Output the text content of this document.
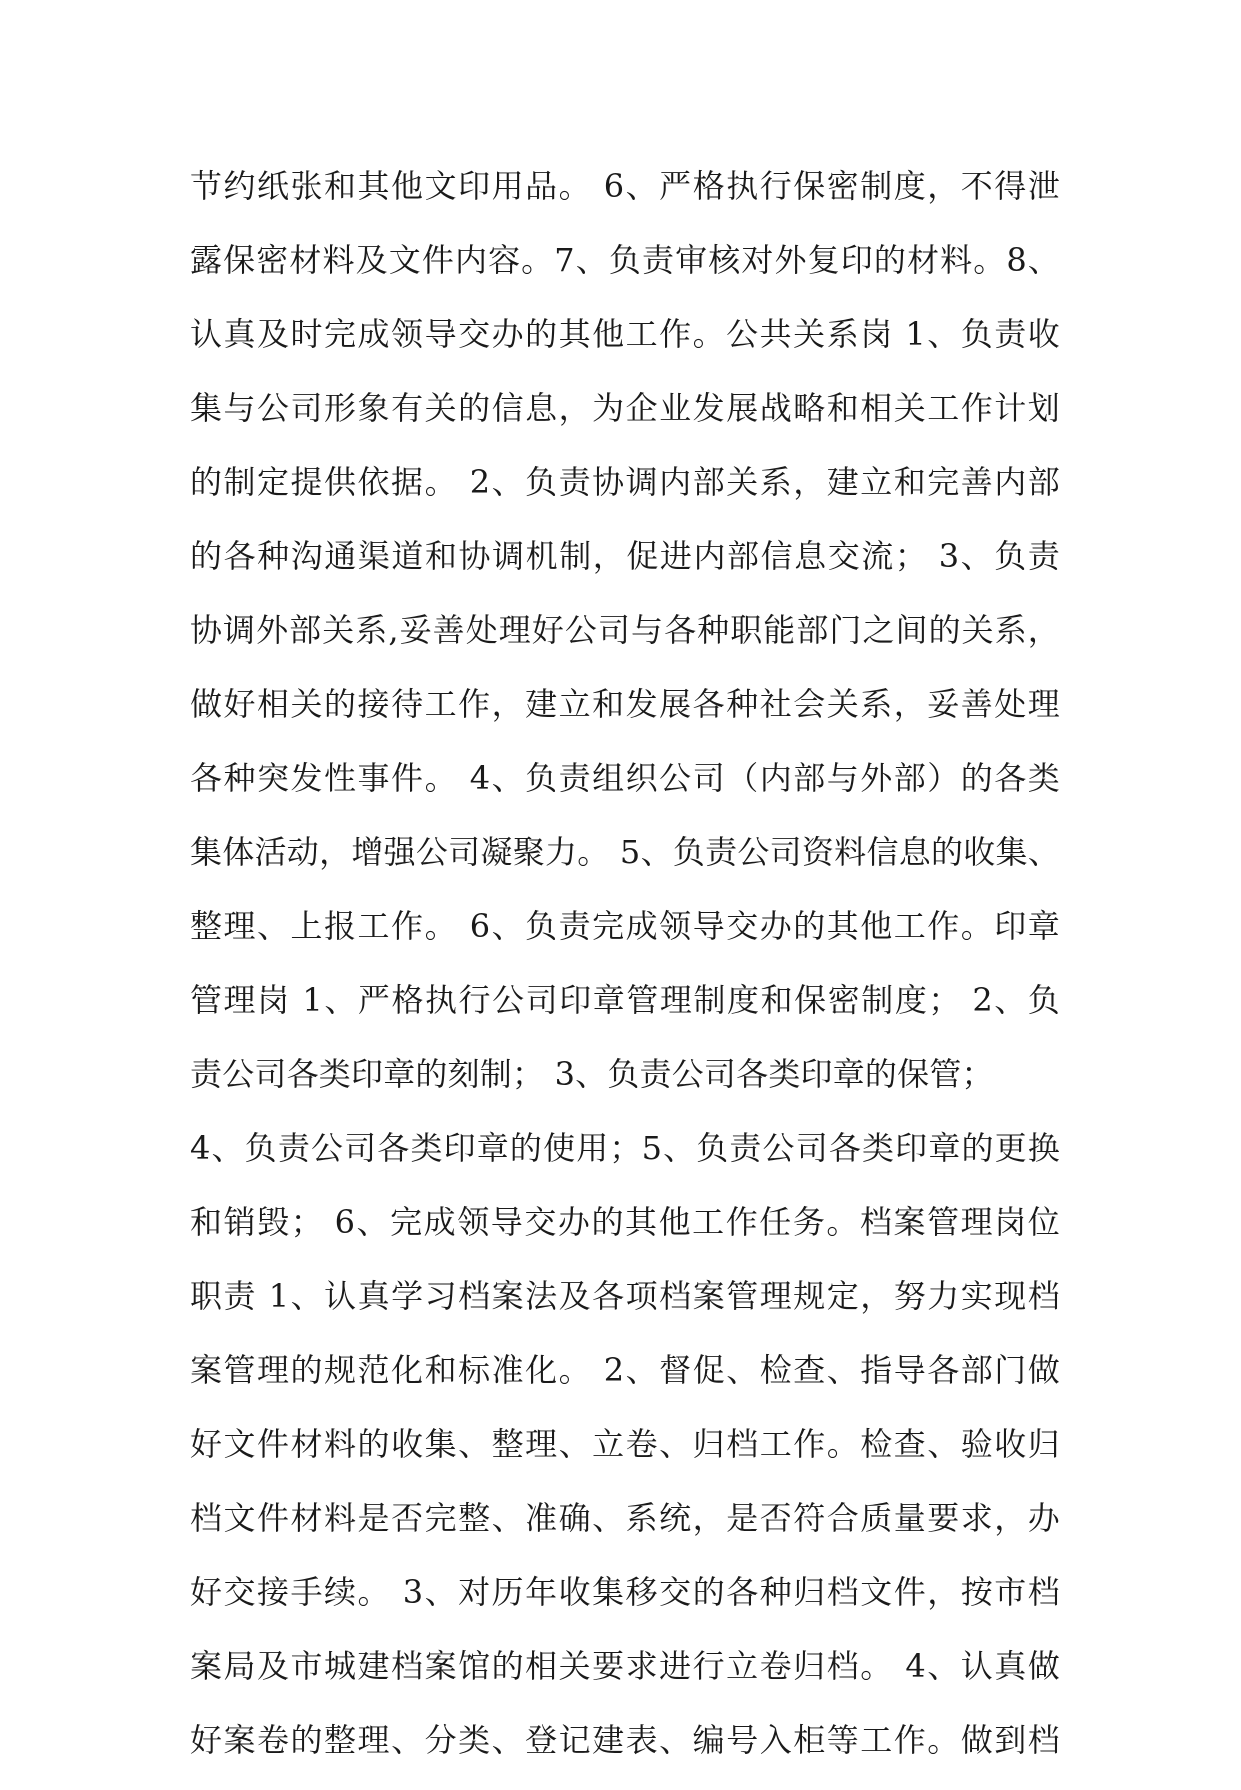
节约纸张和其他文印用品。 6、严格执行保密制度，不得泄
露保密材料及文件内容。7、负责审核对外复印的材料。8、
认真及时完成领导交办的其他工作。公共关系岗 1、负责收
集与公司形象有关的信息，为企业发展战略和相关工作计划
的制定提供依据。 2、负责协调内部关系，建立和完善内部
的各种沟通渠道和协调机制，促进内部信息交流； 3、负责
协调外部关系,妥善处理好公司与各种职能部门之间的关系，
做好相关的接待工作，建立和发展各种社会关系，妥善处理
各种突发性事件。 4、负责组织公司（内部与外部）的各类
集体活动，增强公司凝聚力。 5、负责公司资料信息的收集、
整理、上报工作。 6、负责完成领导交办的其他工作。印章
管理岗 1、严格执行公司印章管理制度和保密制度； 2、负
责公司各类印章的刻制； 3、负责公司各类印章的保管；
4、负责公司各类印章的使用；5、负责公司各类印章的更换
和销毁； 6、完成领导交办的其他工作任务。档案管理岗位
职责 1、认真学习档案法及各项档案管理规定，努力实现档
案管理的规范化和标准化。 2、督促、检查、指导各部门做
好文件材料的收集、整理、立卷、归档工作。检查、验收归
档文件材料是否完整、准确、系统，是否符合质量要求，办
好交接手续。 3、对历年收集移交的各种归档文件，按市档
案局及市城建档案馆的相关要求进行立卷归档。 4、认真做
好案卷的整理、分类、登记建表、编号入柜等工作。做到档
